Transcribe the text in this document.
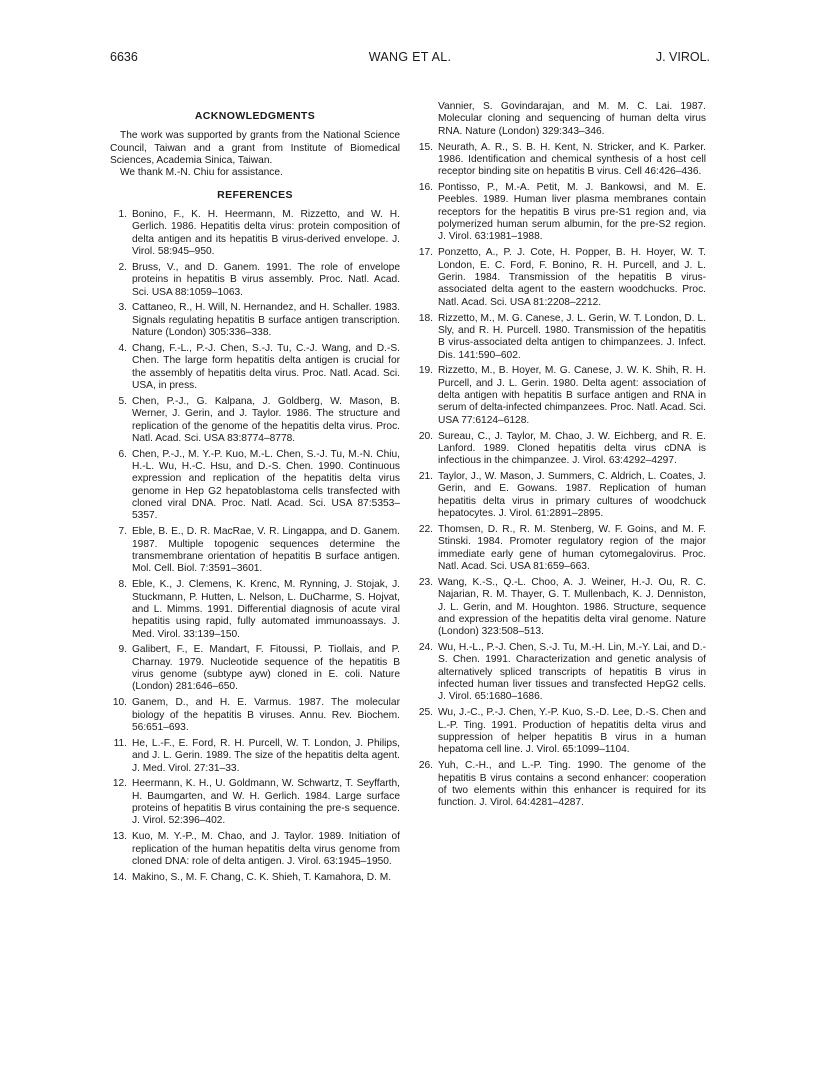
6636	WANG ET AL.	J. VIROL.
ACKNOWLEDGMENTS

The work was supported by grants from the National Science Council, Taiwan and a grant from Institute of Biomedical Sciences, Academia Sinica, Taiwan.

We thank M.-N. Chiu for assistance.

REFERENCES
1. Bonino, F., K. H. Heermann, M. Rizzetto, and W. H. Gerlich. 1986. Hepatitis delta virus: protein composition of delta antigen and its hepatitis B virus-derived envelope. J. Virol. 58:945–950.
2. Bruss, V., and D. Ganem. 1991. The role of envelope proteins in hepatitis B virus assembly. Proc. Natl. Acad. Sci. USA 88:1059–1063.
3. Cattaneo, R., H. Will, N. Hernandez, and H. Schaller. 1983. Signals regulating hepatitis B surface antigen transcription. Nature (London) 305:336–338.
4. Chang, F.-L., P.-J. Chen, S.-J. Tu, C.-J. Wang, and D.-S. Chen. The large form hepatitis delta antigen is crucial for the assembly of hepatitis delta virus. Proc. Natl. Acad. Sci. USA, in press.
5. Chen, P.-J., G. Kalpana, J. Goldberg, W. Mason, B. Werner, J. Gerin, and J. Taylor. 1986. The structure and replication of the genome of the hepatitis delta virus. Proc. Natl. Acad. Sci. USA 83:8774–8778.
6. Chen, P.-J., M. Y.-P. Kuo, M.-L. Chen, S.-J. Tu, M.-N. Chiu, H.-L. Wu, H.-C. Hsu, and D.-S. Chen. 1990. Continuous expression and replication of the hepatitis delta virus genome in Hep G2 hepatoblastoma cells transfected with cloned viral DNA. Proc. Natl. Acad. Sci. USA 87:5353–5357.
7. Eble, B. E., D. R. MacRae, V. R. Lingappa, and D. Ganem. 1987. Multiple topogenic sequences determine the transmembrane orientation of hepatitis B surface antigen. Mol. Cell. Biol. 7:3591–3601.
8. Eble, K., J. Clemens, K. Krenc, M. Rynning, J. Stojak, J. Stuckmann, P. Hutten, L. Nelson, L. DuCharme, S. Hojvat, and L. Mimms. 1991. Differential diagnosis of acute viral hepatitis using rapid, fully automated immunoassays. J. Med. Virol. 33:139–150.
9. Galibert, F., E. Mandart, F. Fitoussi, P. Tiollais, and P. Charnay. 1979. Nucleotide sequence of the hepatitis B virus genome (subtype ayw) cloned in E. coli. Nature (London) 281:646–650.
10. Ganem, D., and H. E. Varmus. 1987. The molecular biology of the hepatitis B viruses. Annu. Rev. Biochem. 56:651–693.
11. He, L.-F., E. Ford, R. H. Purcell, W. T. London, J. Philips, and J. L. Gerin. 1989. The size of the hepatitis delta agent. J. Med. Virol. 27:31–33.
12. Heermann, K. H., U. Goldmann, W. Schwartz, T. Seyffarth, H. Baumgarten, and W. H. Gerlich. 1984. Large surface proteins of hepatitis B virus containing the pre-s sequence. J. Virol. 52:396–402.
13. Kuo, M. Y.-P., M. Chao, and J. Taylor. 1989. Initiation of replication of the human hepatitis delta virus genome from cloned DNA: role of delta antigen. J. Virol. 63:1945–1950.
14. Makino, S., M. F. Chang, C. K. Shieh, T. Kamahora, D. M.
Vannier, S. Govindarajan, and M. M. C. Lai. 1987. Molecular cloning and sequencing of human delta virus RNA. Nature (London) 329:343–346.
15. Neurath, A. R., S. B. H. Kent, N. Stricker, and K. Parker. 1986. Identification and chemical synthesis of a host cell receptor binding site on hepatitis B virus. Cell 46:426–436.
16. Pontisso, P., M.-A. Petit, M. J. Bankowsi, and M. E. Peebles. 1989. Human liver plasma membranes contain receptors for the hepatitis B virus pre-S1 region and, via polymerized human serum albumin, for the pre-S2 region. J. Virol. 63:1981–1988.
17. Ponzetto, A., P. J. Cote, H. Popper, B. H. Hoyer, W. T. London, E. C. Ford, F. Bonino, R. H. Purcell, and J. L. Gerin. 1984. Transmission of the hepatitis B virus-associated delta agent to the eastern woodchucks. Proc. Natl. Acad. Sci. USA 81:2208–2212.
18. Rizzetto, M., M. G. Canese, J. L. Gerin, W. T. London, D. L. Sly, and R. H. Purcell. 1980. Transmission of the hepatitis B virus-associated delta antigen to chimpanzees. J. Infect. Dis. 141:590–602.
19. Rizzetto, M., B. Hoyer, M. G. Canese, J. W. K. Shih, R. H. Purcell, and J. L. Gerin. 1980. Delta agent: association of delta antigen with hepatitis B surface antigen and RNA in serum of delta-infected chimpanzees. Proc. Natl. Acad. Sci. USA 77:6124–6128.
20. Sureau, C., J. Taylor, M. Chao, J. W. Eichberg, and R. E. Lanford. 1989. Cloned hepatitis delta virus cDNA is infectious in the chimpanzee. J. Virol. 63:4292–4297.
21. Taylor, J., W. Mason, J. Summers, C. Aldrich, L. Coates, J. Gerin, and E. Gowans. 1987. Replication of human hepatitis delta virus in primary cultures of woodchuck hepatocytes. J. Virol. 61:2891–2895.
22. Thomsen, D. R., R. M. Stenberg, W. F. Goins, and M. F. Stinski. 1984. Promoter regulatory region of the major immediate early gene of human cytomegalovirus. Proc. Natl. Acad. Sci. USA 81:659–663.
23. Wang, K.-S., Q.-L. Choo, A. J. Weiner, H.-J. Ou, R. C. Najarian, R. M. Thayer, G. T. Mullenbach, K. J. Denniston, J. L. Gerin, and M. Houghton. 1986. Structure, sequence and expression of the hepatitis delta viral genome. Nature (London) 323:508–513.
24. Wu, H.-L., P.-J. Chen, S.-J. Tu, M.-H. Lin, M.-Y. Lai, and D.-S. Chen. 1991. Characterization and genetic analysis of alternatively spliced transcripts of hepatitis B virus in infected human liver tissues and transfected HepG2 cells. J. Virol. 65:1680–1686.
25. Wu, J.-C., P.-J. Chen, Y.-P. Kuo, S.-D. Lee, D.-S. Chen and L.-P. Ting. 1991. Production of hepatitis delta virus and suppression of helper hepatitis B virus in a human hepatoma cell line. J. Virol. 65:1099–1104.
26. Yuh, C.-H., and L.-P. Ting. 1990. The genome of the hepatitis B virus contains a second enhancer: cooperation of two elements within this enhancer is required for its function. J. Virol. 64:4281–4287.
